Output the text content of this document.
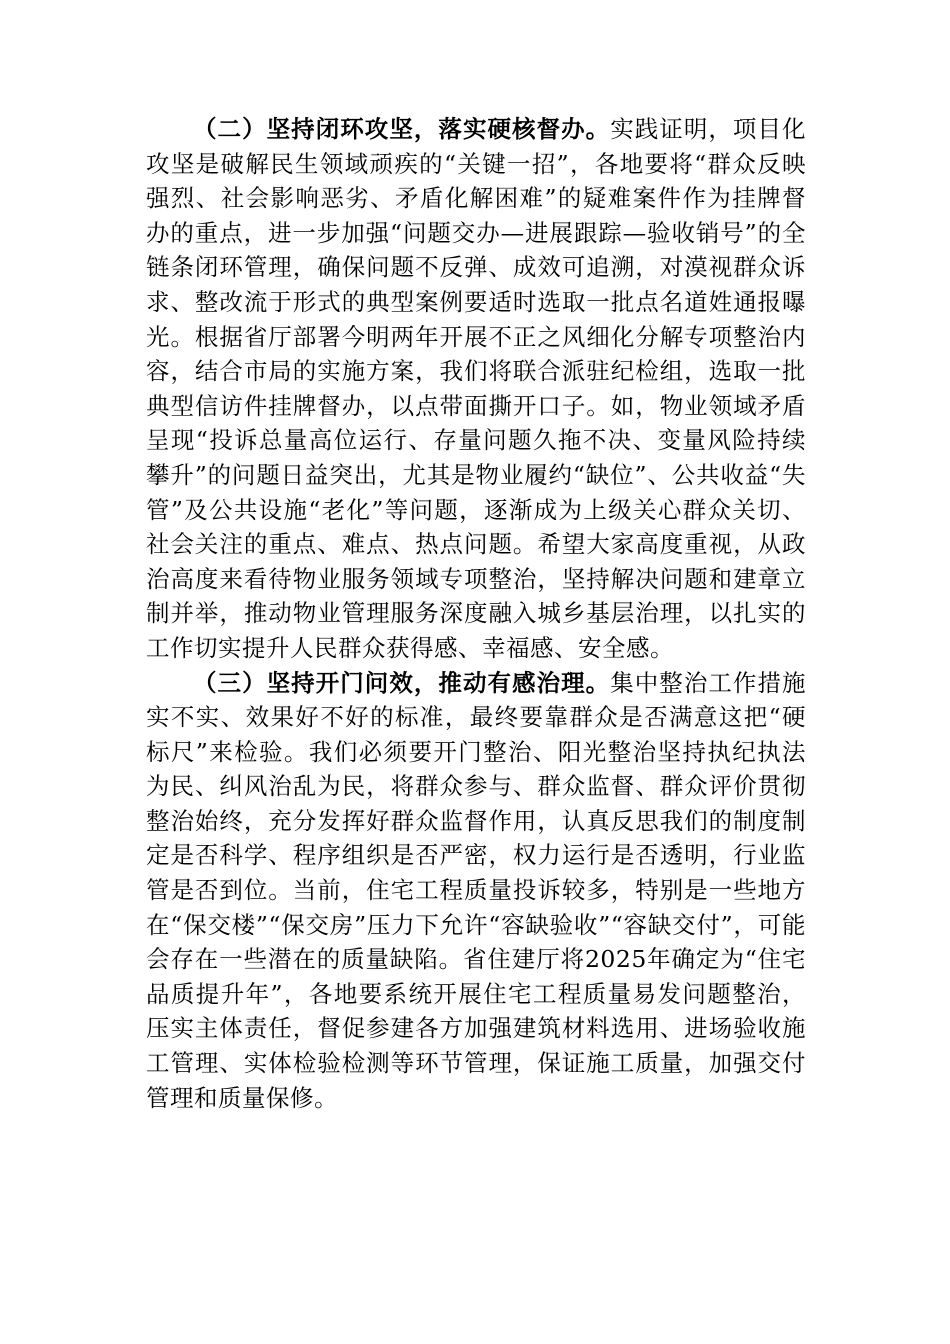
（二）坚持闭环攻坚，落实硬核督办。实践证明，项目化攻坚是破解民生领域顽疾的“关键一招”，各地要将“群众反映强烈、社会影响恶劣、矛盾化解困难”的疑难案件作为挂牌督办的重点，进一步加强“问题交办—进展跟踪—验收销号”的全链条闭环管理，确保问题不反弹、成效可追溯，对漠视群众诉求、整改流于形式的典型案例要适时选取一批点名道姓通报曝光。根据省厅部署今明两年开展不正之风细化分解专项整治内容，结合市局的实施方案，我们将联合派驻纪检组，选取一批典型信访件挂牌督办，以点带面撕开口子。如，物业领域矛盾呈现“投诉总量高位运行、存量问题久拖不决、变量风险持续攀升”的问题日益突出，尤其是物业履约“缺位”、公共收益“失管”及公共设施“老化”等问题，逐渐成为上级关心群众关切、社会关注的重点、难点、热点问题。希望大家高度重视，从政治高度来看待物业服务领域专项整治，坚持解决问题和建章立制并举，推动物业管理服务深度融入城乡基层治理，以扎实的工作切实提升人民群众获得感、幸福感、安全感。

（三）坚持开门问效，推动有感治理。集中整治工作措施实不实、效果好不好的标准，最终要靠群众是否满意这把“硬标尺”来检验。我们必须要开门整治、阳光整治坚持执纪执法为民、纠风治乱为民，将群众参与、群众监督、群众评价贯彻整治始终，充分发挥好群众监督作用，认真反思我们的制度制定是否科学、程序组织是否严密，权力运行是否透明，行业监管是否到位。当前，住宅工程质量投诉较多，特别是一些地方在“保交楼”“保交房”压力下允许“容缺验收”“容缺交付”，可能会存在一些潜在的质量缺陷。省住建厅将2025年确定为“住宅品质提升年”，各地要系统开展住宅工程质量易发问题整治，压实主体责任，督促参建各方加强建筑材料选用、进场验收施工管理、实体检验检测等环节管理，保证施工质量，加强交付管理和质量保修。
